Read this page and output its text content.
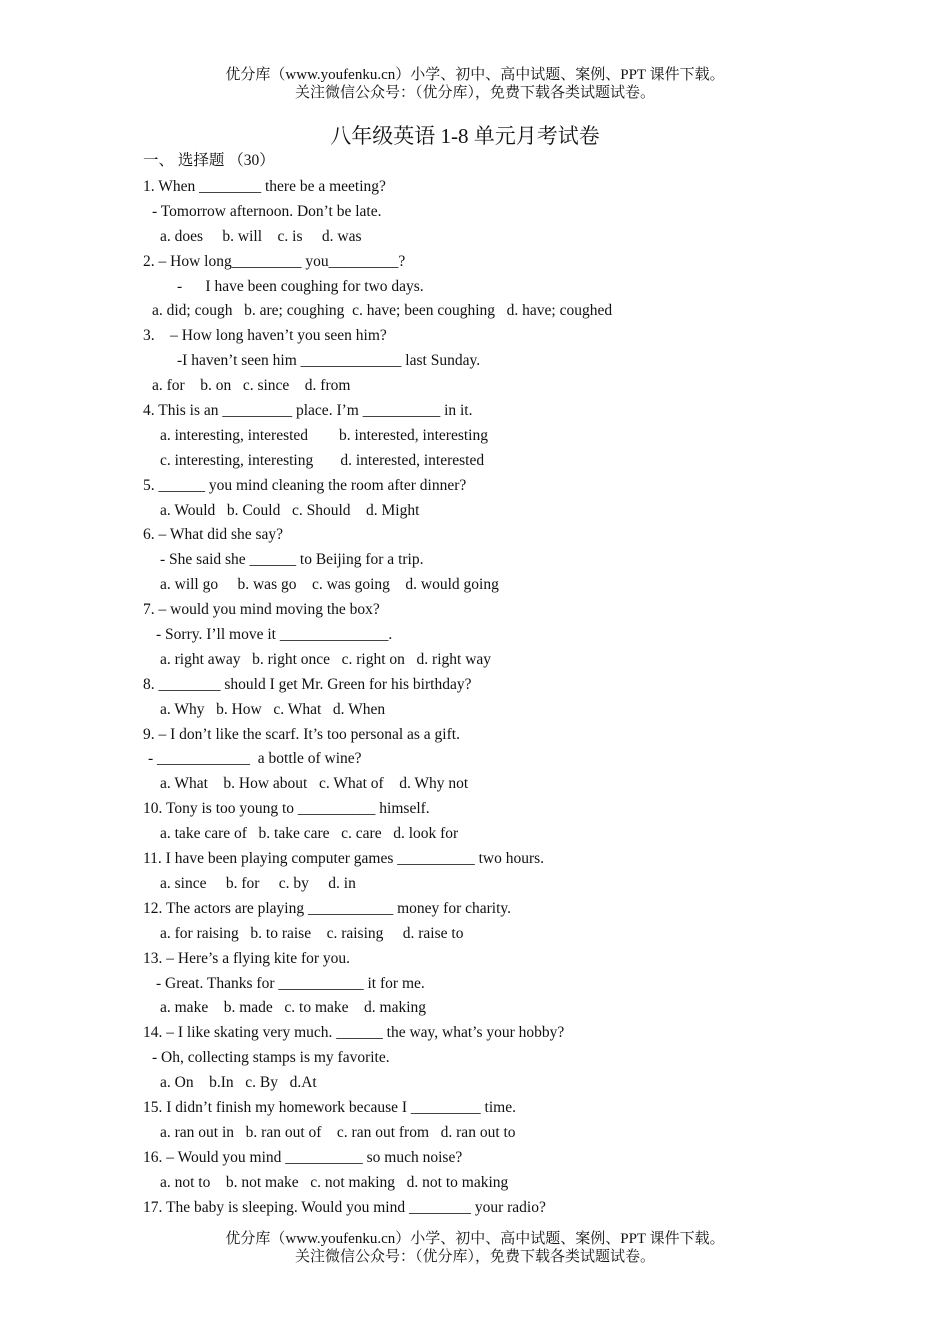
优分库（www.youfenku.cn）小学、初中、高中试题、案例、PPT 课件下载。
关注微信公众号：（优分库），免费下载各类试题试卷。
八年级英语 1-8 单元月考试卷
一、 选择题 （30）
1. When ________ there be a meeting?
- Tomorrow afternoon. Don’t be late.
a. does     b. will    c. is     d. was
2. – How long_________ you_________?
-      I have been coughing for two days.
a. did; cough   b. are; coughing  c. have; been coughing   d. have; coughed
3.    – How long haven’t you seen him?
-I haven’t seen him _____________ last Sunday.
a. for    b. on   c. since    d. from
4. This is an _________ place. I’m __________ in it.
a. interesting, interested        b. interested, interesting
c. interesting, interesting       d. interested, interested
5. ______ you mind cleaning the room after dinner?
a. Would   b. Could   c. Should    d. Might
6. – What did she say?
- She said she ______ to Beijing for a trip.
a. will go     b. was go    c. was going    d. would going
7. – would you mind moving the box?
- Sorry. I’ll move it ______________.
a. right away   b. right once   c. right on   d. right way
8. ________ should I get Mr. Green for his birthday?
a. Why   b. How   c. What   d. When
9. – I don’t like the scarf. It’s too personal as a gift.
- ____________  a bottle of wine?
a. What    b. How about   c. What of    d. Why not
10. Tony is too young to __________ himself.
a. take care of   b. take care   c. care   d. look for
11. I have been playing computer games __________ two hours.
a. since     b. for     c. by     d. in
12. The actors are playing ___________ money for charity.
a. for raising   b. to raise    c. raising     d. raise to
13. – Here’s a flying kite for you.
- Great. Thanks for ___________ it for me.
a. make    b. made   c. to make    d. making
14. – I like skating very much. ______ the way, what’s your hobby?
- Oh, collecting stamps is my favorite.
a. On    b.In   c. By   d.At
15. I didn’t finish my homework because I _________ time.
a. ran out in   b. ran out of    c. ran out from   d. ran out to
16. – Would you mind __________ so much noise?
a. not to    b. not make   c. not making   d. not to making
17. The baby is sleeping. Would you mind ________ your radio?
优分库（www.youfenku.cn）小学、初中、高中试题、案例、PPT 课件下载。
关注微信公众号：（优分库），免费下载各类试题试卷。
